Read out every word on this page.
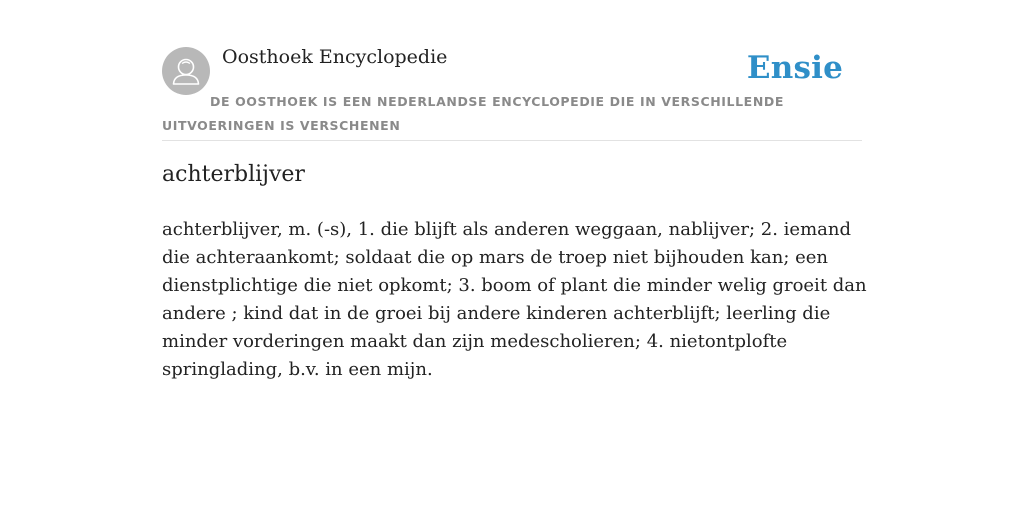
Oosthoek Encyclopedie	Ensie
DE OOSTHOEK IS EEN NEDERLANDSE ENCYCLOPEDIE DIE IN VERSCHILLENDE UITVOERINGEN IS VERSCHENEN
achterblijver

achterblijver, m. (-s), 1. die blijft als anderen weggaan, nablijver; 2. iemand die achteraankomt; soldaat die op mars de troep niet bijhouden kan; een dienstplichtige die niet opkomt; 3. boom of plant die minder welig groeit dan andere ; kind dat in de groei bij andere kinderen achterblijft; leerling die minder vorderingen maakt dan zijn medescholieren; 4. nietontplofte springlading, b.v. in een mijn.
